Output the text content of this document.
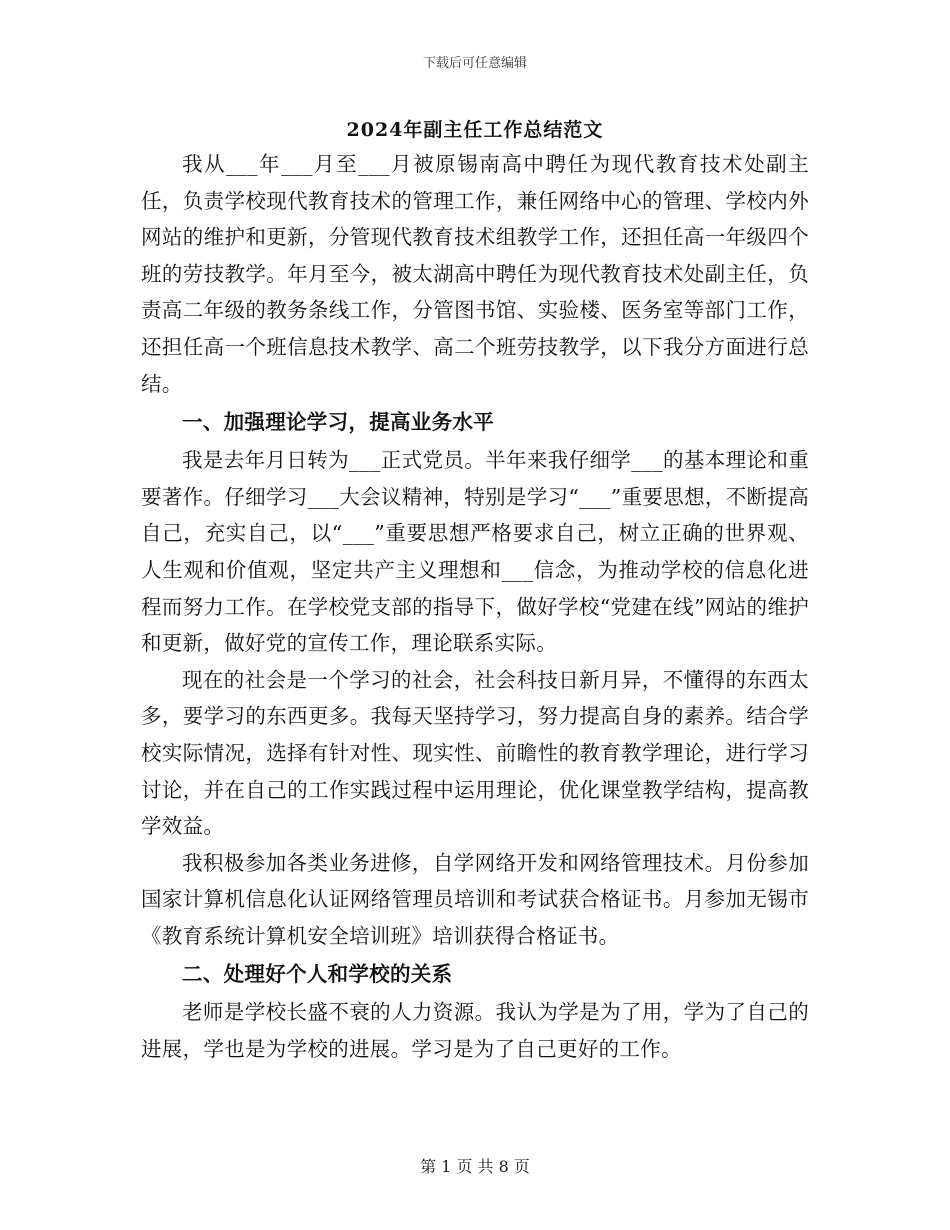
下载后可任意编辑
2024年副主任工作总结范文

我从___年___月至___月被原锡南高中聘任为现代教育技术处副主任，负责学校现代教育技术的管理工作，兼任网络中心的管理、学校内外网站的维护和更新，分管现代教育技术组教学工作，还担任高一年级四个班的劳技教学。年月至今，被太湖高中聘任为现代教育技术处副主任，负责高二年级的教务条线工作，分管图书馆、实验楼、医务室等部门工作，还担任高一个班信息技术教学、高二个班劳技教学，以下我分方面进行总结。

一、加强理论学习，提高业务水平

我是去年月日转为___正式党员。半年来我仔细学___的基本理论和重要著作。仔细学习___大会议精神，特别是学习“___”重要思想，不断提高自己，充实自己，以“___”重要思想严格要求自己，树立正确的世界观、人生观和价值观，坚定共产主义理想和___信念，为推动学校的信息化进程而努力工作。在学校党支部的指导下，做好学校“党建在线”网站的维护和更新，做好党的宣传工作，理论联系实际。

现在的社会是一个学习的社会，社会科技日新月异，不懂得的东西太多，要学习的东西更多。我每天坚持学习，努力提高自身的素养。结合学校实际情况，选择有针对性、现实性、前瞻性的教育教学理论，进行学习讨论，并在自己的工作实践过程中运用理论，优化课堂教学结构，提高教学效益。

我积极参加各类业务进修，自学网络开发和网络管理技术。月份参加国家计算机信息化认证网络管理员培训和考试获合格证书。月参加无锡市《教育系统计算机安全培训班》培训获得合格证书。

二、处理好个人和学校的关系

老师是学校长盛不衰的人力资源。我认为学是为了用，学为了自己的进展，学也是为学校的进展。学习是为了自己更好的工作。

第 1 页 共 8 页
